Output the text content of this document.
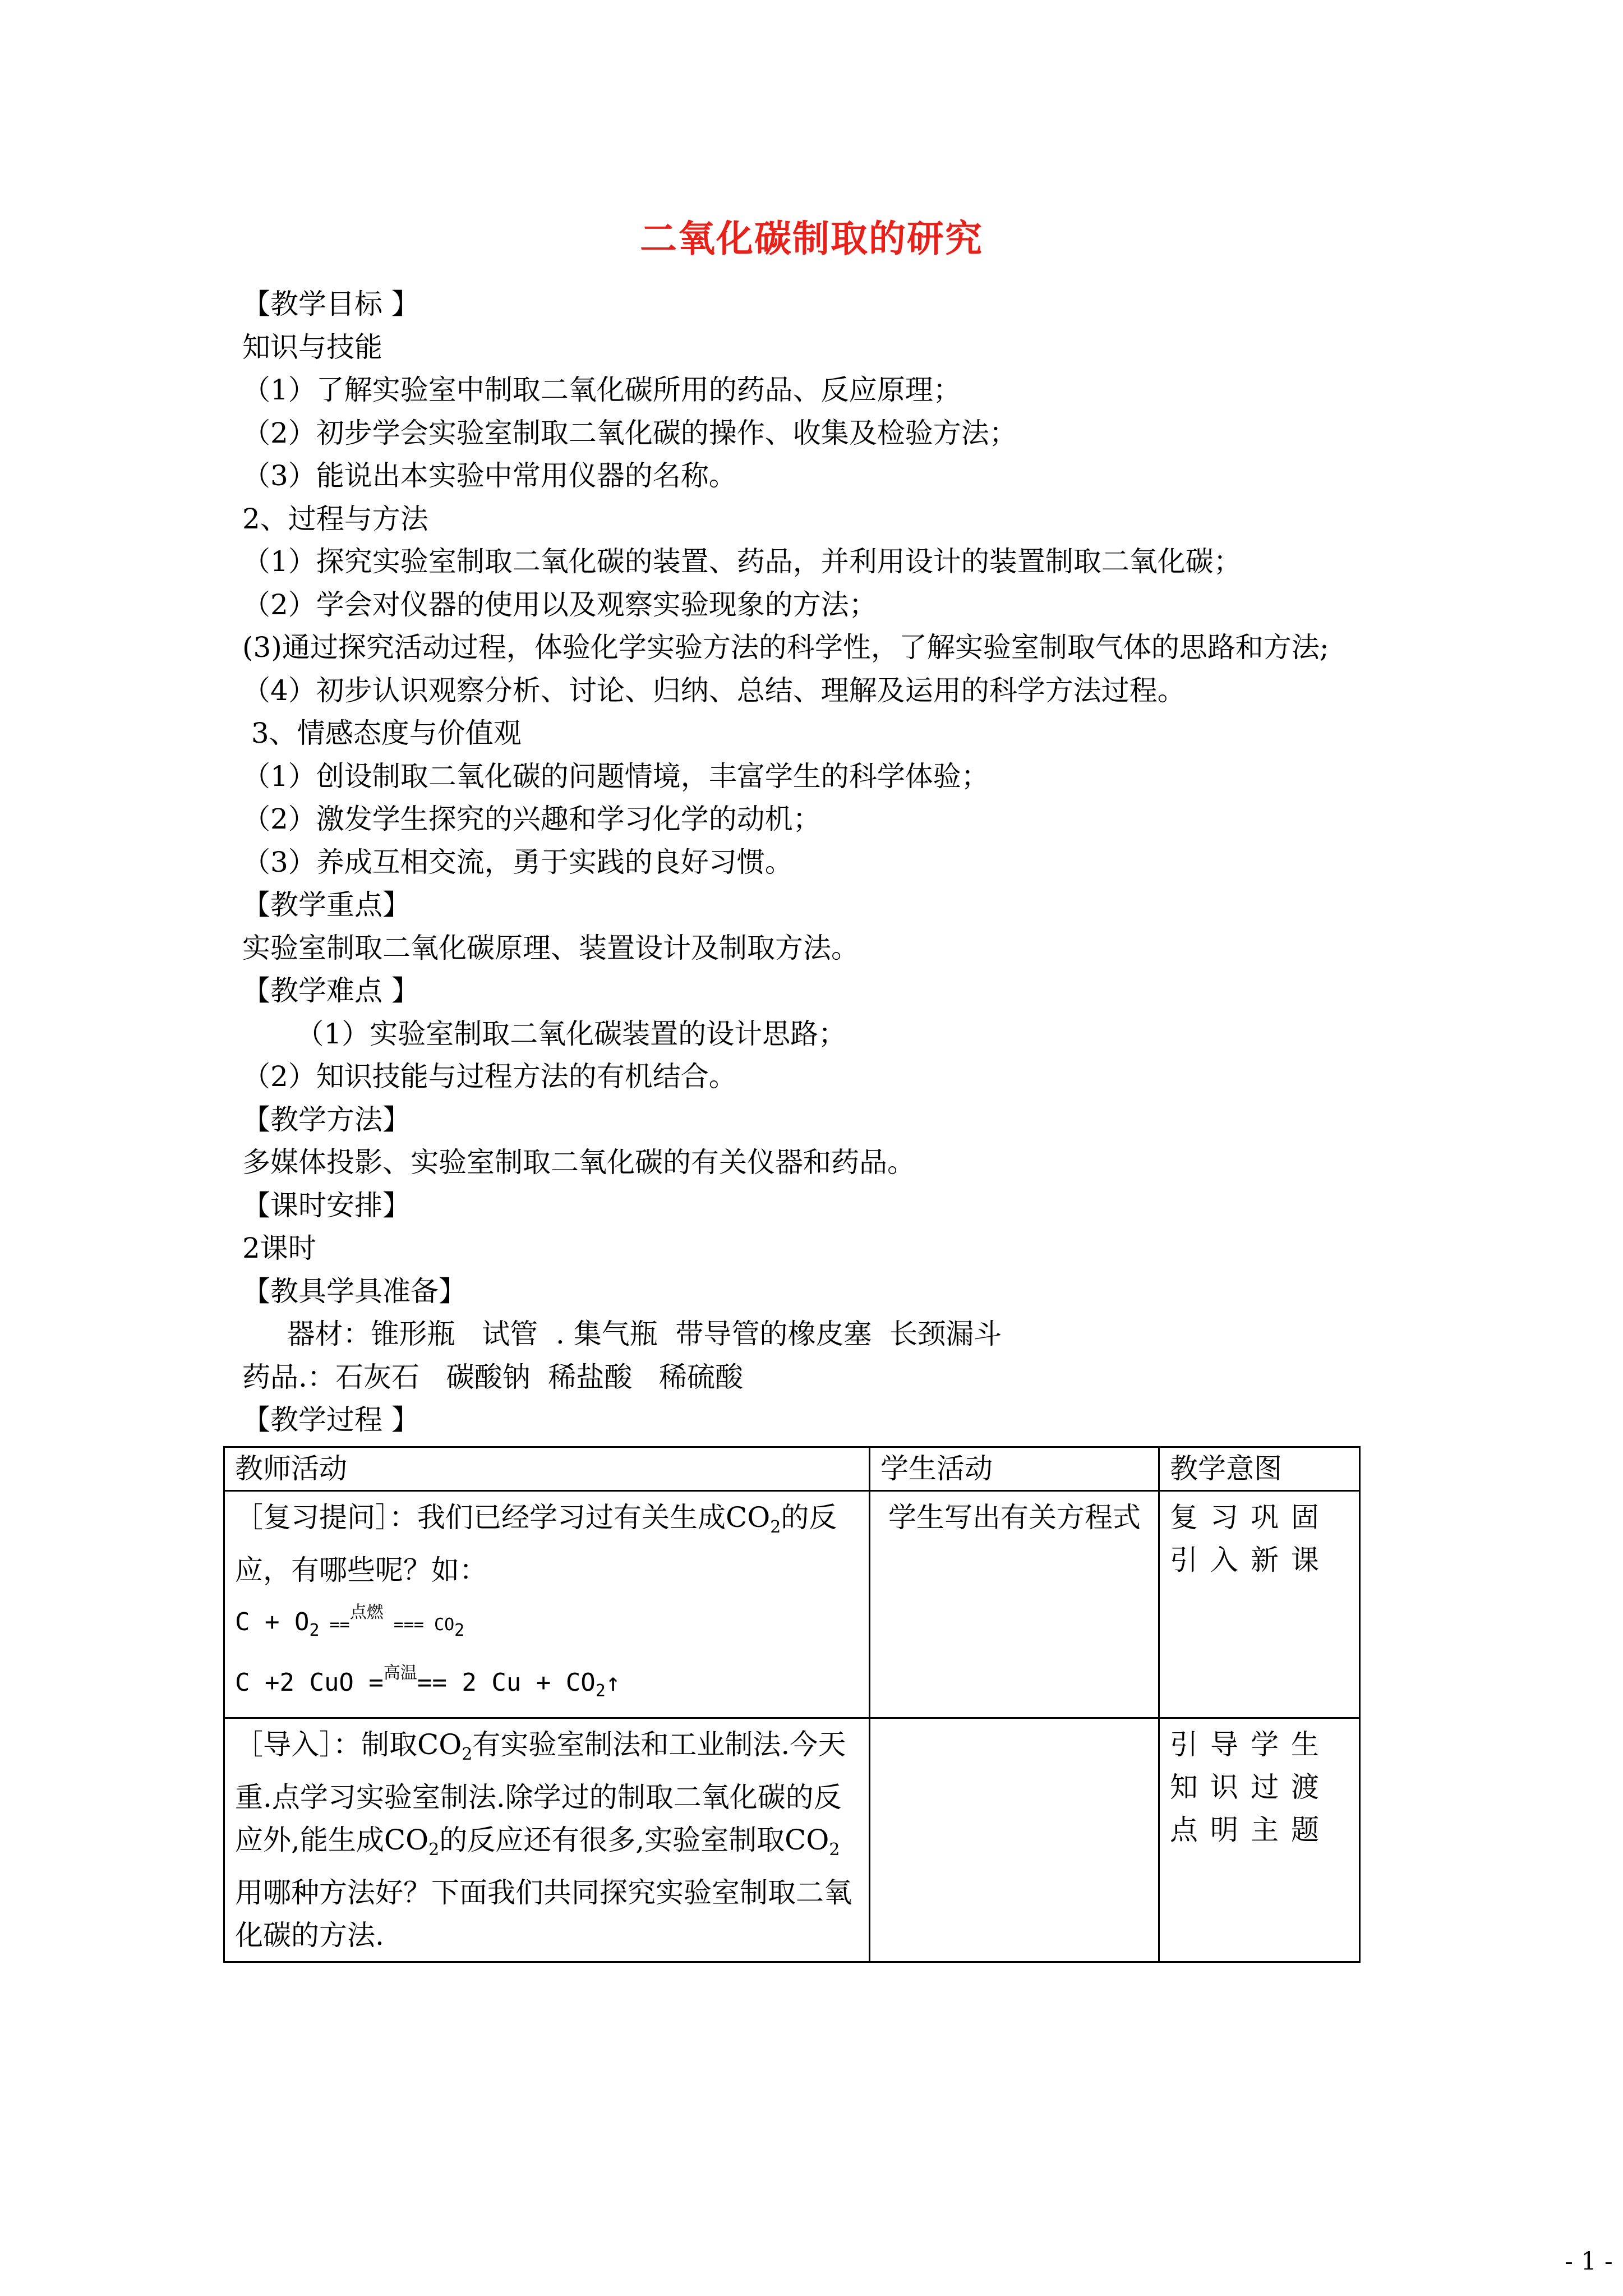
二氧化碳制取的研究
【教学目标 】
知识与技能
（1）了解实验室中制取二氧化碳所用的药品、反应原理；
（2）初步学会实验室制取二氧化碳的操作、收集及检验方法；
（3）能说出本实验中常用仪器的名称。
2、过程与方法
（1）探究实验室制取二氧化碳的装置、药品，并利用设计的装置制取二氧化碳；
（2）学会对仪器的使用以及观察实验现象的方法；
(3)通过探究活动过程，体验化学实验方法的科学性，了解实验室制取气体的思路和方法;
（4）初步认识观察分析、讨论、归纳、总结、理解及运用的科学方法过程。
3、情感态度与价值观
（1）创设制取二氧化碳的问题情境，丰富学生的科学体验；
（2）激发学生探究的兴趣和学习化学的动机；
（3）养成互相交流，勇于实践的良好习惯。
【教学重点】
实验室制取二氧化碳原理、装置设计及制取方法。
【教学难点 】
（1）实验室制取二氧化碳装置的设计思路；
（2）知识技能与过程方法的有机结合。
【教学方法】
多媒体投影、实验室制取二氧化碳的有关仪器和药品。
【课时安排】
2课时
【教具学具准备】
器材：锥形瓶   试管  . 集气瓶  带导管的橡皮塞  长颈漏斗
药品.：石灰石   碳酸钠  稀盐酸   稀硫酸
【教学过程 】
教师活动	学生活动	教学意图

［复习提问］：我们已经学习过有关生成$CO_2$的反应，有哪些呢？如：
$C + O_2 ==^{点燃}$ === $CO_2$
C +2 CuO =$^{高温}$== 2 $Cu + CO_2↑$	学生写出有关方程式	复习巩固引入新课
［导入］：制取$CO_2$有实验室制法和工业制法.今天重.点学习实验室制法.除学过的制取二氧化碳的反应外,能生成$CO_2$的反应还有很多,实验室制取$CO_2$用哪种方法好？下面我们共同探究实验室制取二氧化碳的方法.		引导学生知识过渡点明主题
- 1 -
